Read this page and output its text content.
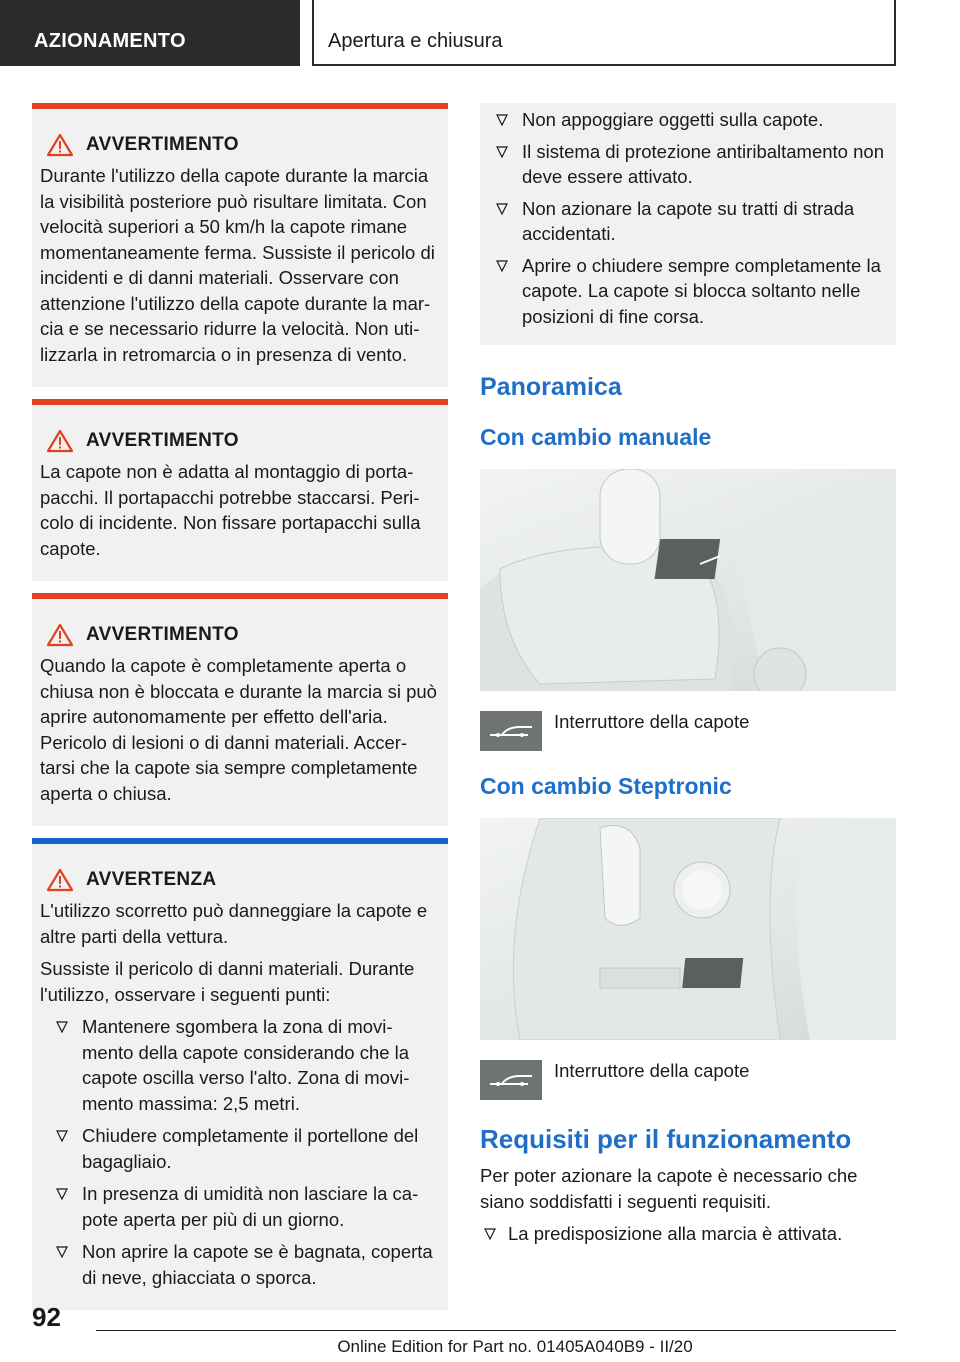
AZIONAMENTO	Apertura e chiusura
AVVERTIMENTO

Durante l'utilizzo della capote durante la marcia la visibilità posteriore può risultare limitata. Con velocità superiori a 50 km/h la capote rimane momentaneamente ferma. Sussiste il pericolo di incidenti e di danni materiali. Osservare con attenzione l'utilizzo della capote durante la mar-cia e se necessario ridurre la velocità. Non uti-lizzarla in retromarcia o in presenza di vento.

AVVERTIMENTO

La capote non è adatta al montaggio di porta-pacchi. Il portapacchi potrebbe staccarsi. Peri-colo di incidente. Non fissare portapacchi sulla capote.

AVVERTIMENTO

Quando la capote è completamente aperta o chiusa non è bloccata e durante la marcia si può aprire autonomamente per effetto dell'aria. Pericolo di lesioni o di danni materiali. Accer-tarsi che la capote sia sempre completamente aperta o chiusa.

AVVERTENZA

L'utilizzo scorretto può danneggiare la capote e altre parti della vettura.

Sussiste il pericolo di danni materiali. Durante l'utilizzo, osservare i seguenti punti:

Mantenere sgombera la zona di movi-mento della capote considerando che la capote oscilla verso l'alto. Zona di movi-mento massima: 2,5 metri.
Chiudere completamente il portellone del bagagliaio.
In presenza di umidità non lasciare la ca-pote aperta per più di un giorno.
Non aprire la capote se è bagnata, coperta di neve, ghiacciata o sporca.
Non appoggiare oggetti sulla capote.
Il sistema di protezione antiribaltamento non deve essere attivato.
Non azionare la capote su tratti di strada accidentati.
Aprire o chiudere sempre completamente la capote. La capote si blocca soltanto nelle posizioni di fine corsa.
Panoramica
Con cambio manuale
Interruttore della capote
Con cambio Steptronic
Interruttore della capote
Requisiti per il funzionamento

Per poter azionare la capote è necessario che siano soddisfatti i seguenti requisiti.

La predisposizione alla marcia è attivata.
92
Online Edition for Part no. 01405A040B9 - II/20
